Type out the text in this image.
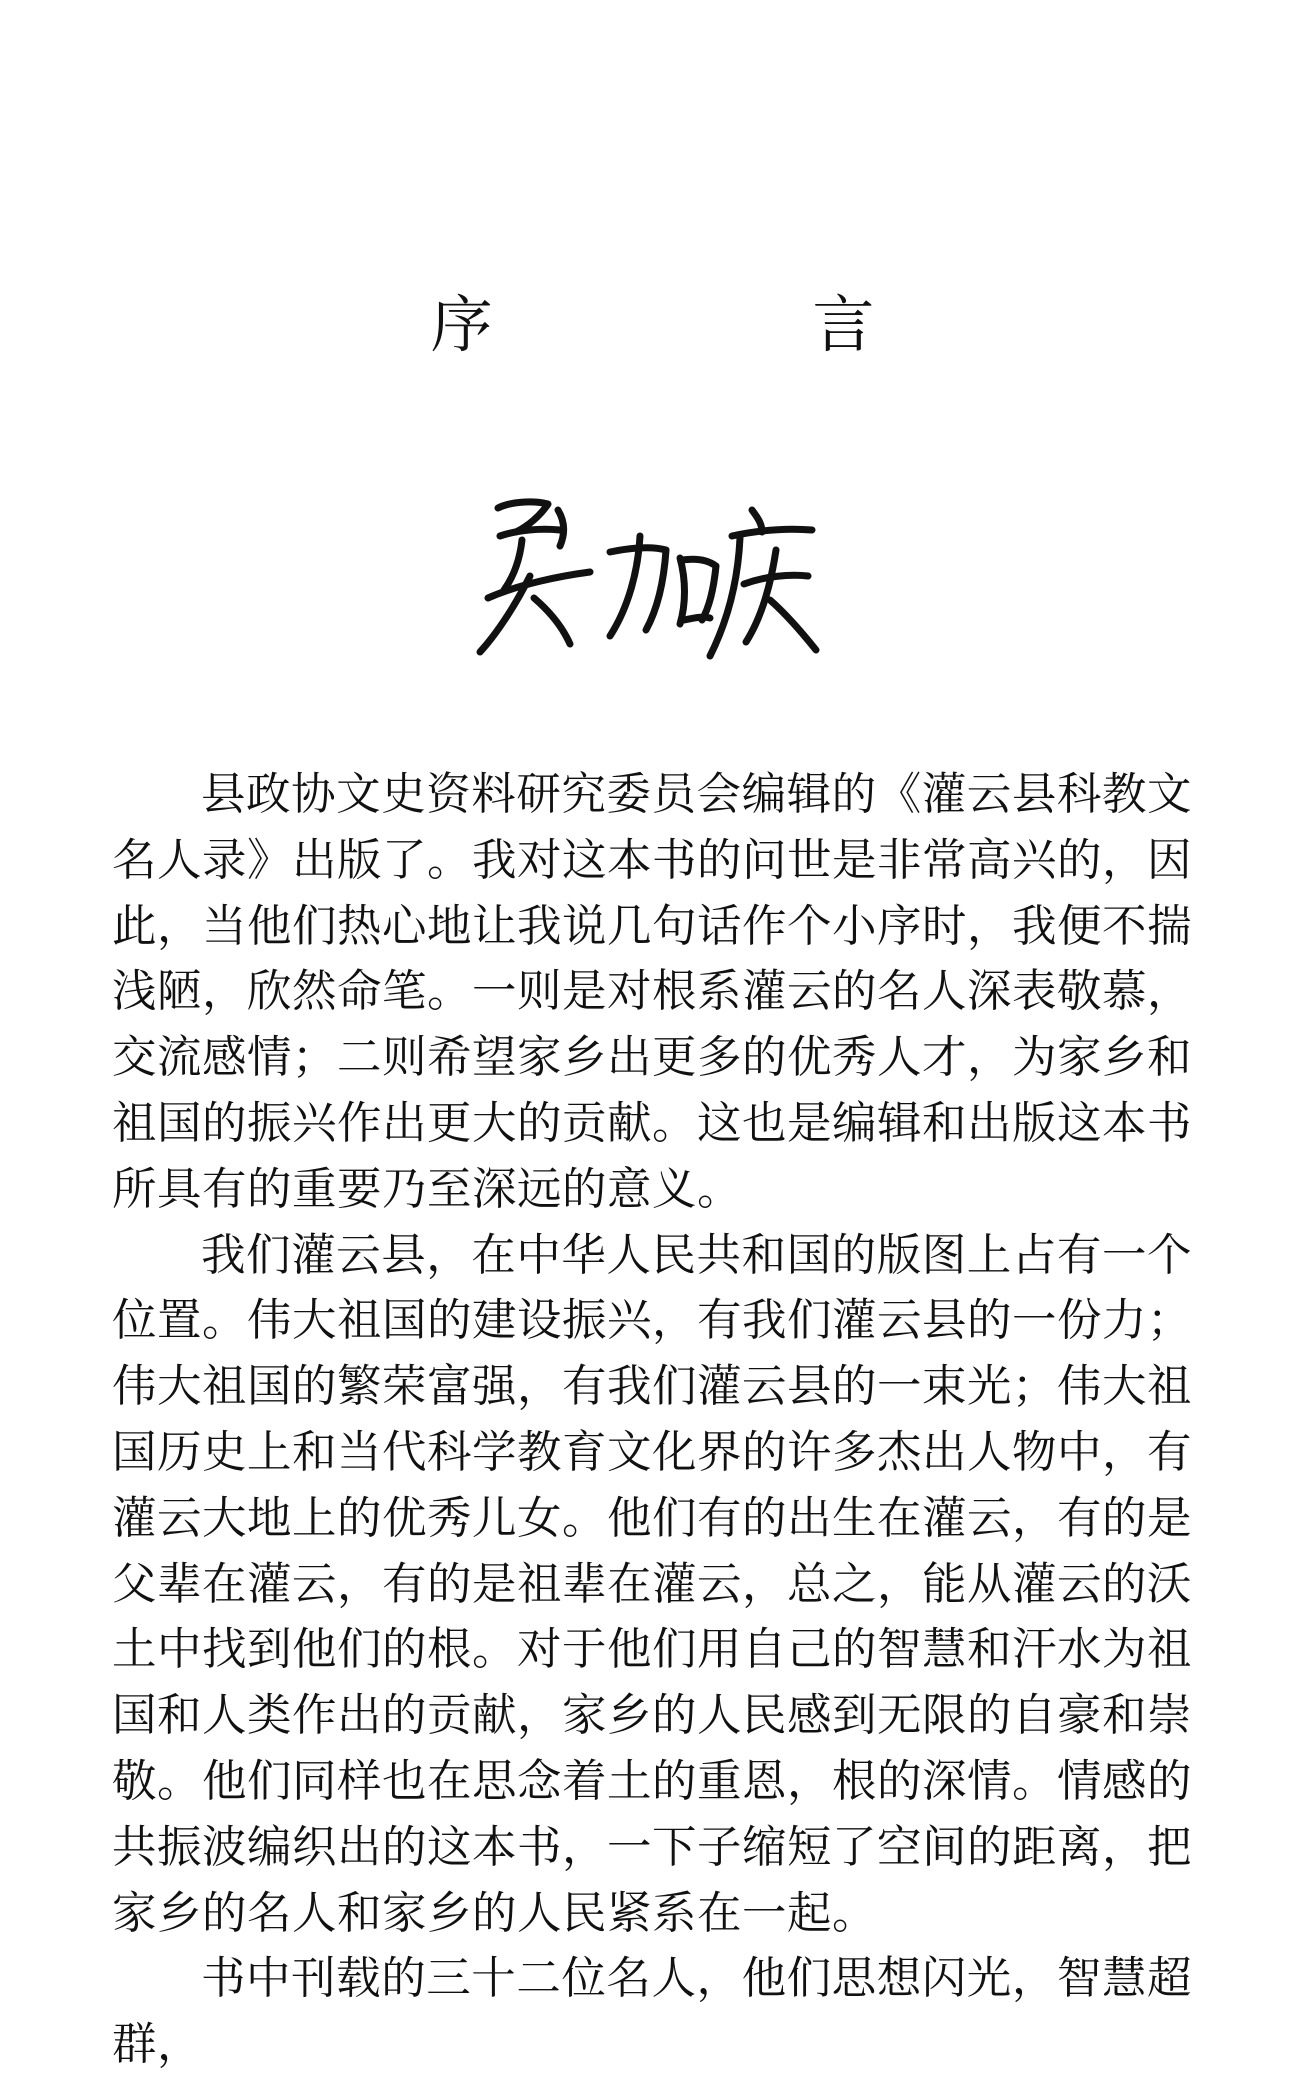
序 言

县政协文史资料研究委员会编辑的《灌云县科教文名人录》出版了。我对这本书的问世是非常高兴的，因此，当他们热心地让我说几句话作个小序时，我便不揣浅陋，欣然命笔。一则是对根系灌云的名人深表敬慕，交流感情；二则希望家乡出更多的优秀人才，为家乡和祖国的振兴作出更大的贡献。这也是编辑和出版这本书所具有的重要乃至深远的意义。

我们灌云县，在中华人民共和国的版图上占有一个位置。伟大祖国的建设振兴，有我们灌云县的一份力；伟大祖国的繁荣富强，有我们灌云县的一束光；伟大祖国历史上和当代科学教育文化界的许多杰出人物中，有灌云大地上的优秀儿女。他们有的出生在灌云，有的是父辈在灌云，有的是祖辈在灌云，总之，能从灌云的沃土中找到他们的根。对于他们用自己的智慧和汗水为祖国和人类作出的贡献，家乡的人民感到无限的自豪和崇敬。他们同样也在思念着土的重恩，根的深情。情感的共振波编织出的这本书，一下子缩短了空间的距离，把家乡的名人和家乡的人民紧系在一起。

书中刊载的三十二位名人，他们思想闪光，智慧超群，
